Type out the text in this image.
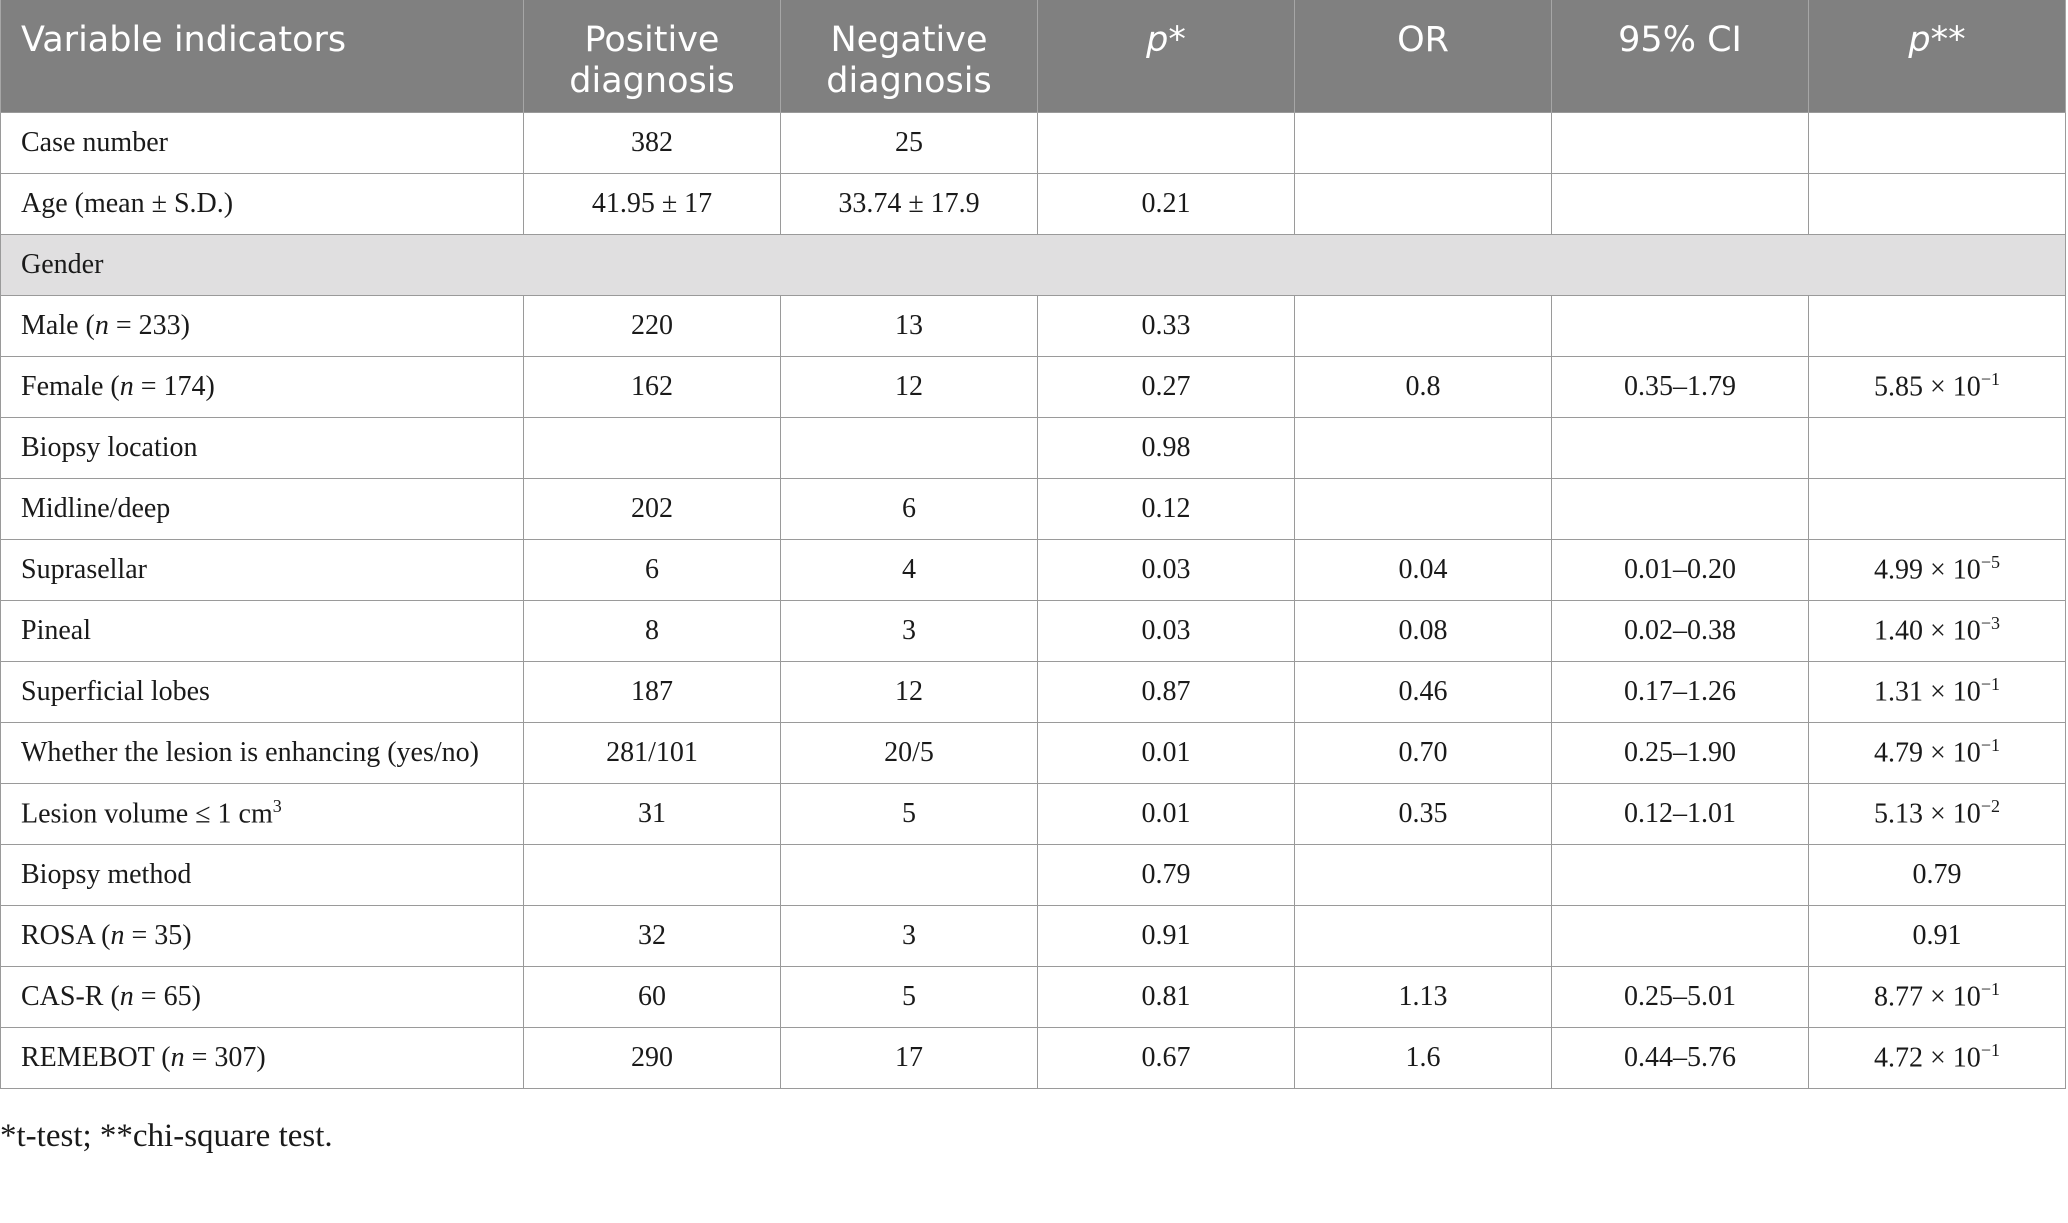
Variable indicators	Positive diagnosis	Negative diagnosis	p*	OR	95% CI	p**

Case number	382	25				
Age (mean ± S.D.)	41.95 ± 17	33.74 ± 17.9	0.21			
Gender						
Male (n = 233)	220	13	0.33			
Female (n = 174)	162	12	0.27	0.8	0.35–1.79	$5.85 \times 10^{-1}$
Biopsy location			0.98			
Midline/deep	202	6	0.12			
Suprasellar	6	4	0.03	0.04	0.01–0.20	$4.99 \times 10^{-5}$
Pineal	8	3	0.03	0.08	0.02–0.38	$1.40 \times 10^{-3}$
Superficial lobes	187	12	0.87	0.46	0.17–1.26	$1.31 \times 10^{-1}$
Whether the lesion is enhancing (yes/no)	281/101	20/5	0.01	0.70	0.25–1.90	$4.79 \times 10^{-1}$
Lesion volume ≤ 1 $cm^3$	31	5	0.01	0.35	0.12–1.01	$5.13 \times 10^{-2}$
Biopsy method			0.79			0.79
ROSA (n = 35)	32	3	0.91			0.91
CAS-R (n = 65)	60	5	0.81	1.13	0.25–5.01	$8.77 \times 10^{-1}$
REMEBOT (n = 307)	290	17	0.67	1.6	0.44–5.76	$4.72 \times 10^{-1}$

*t-test; **chi-square test.
